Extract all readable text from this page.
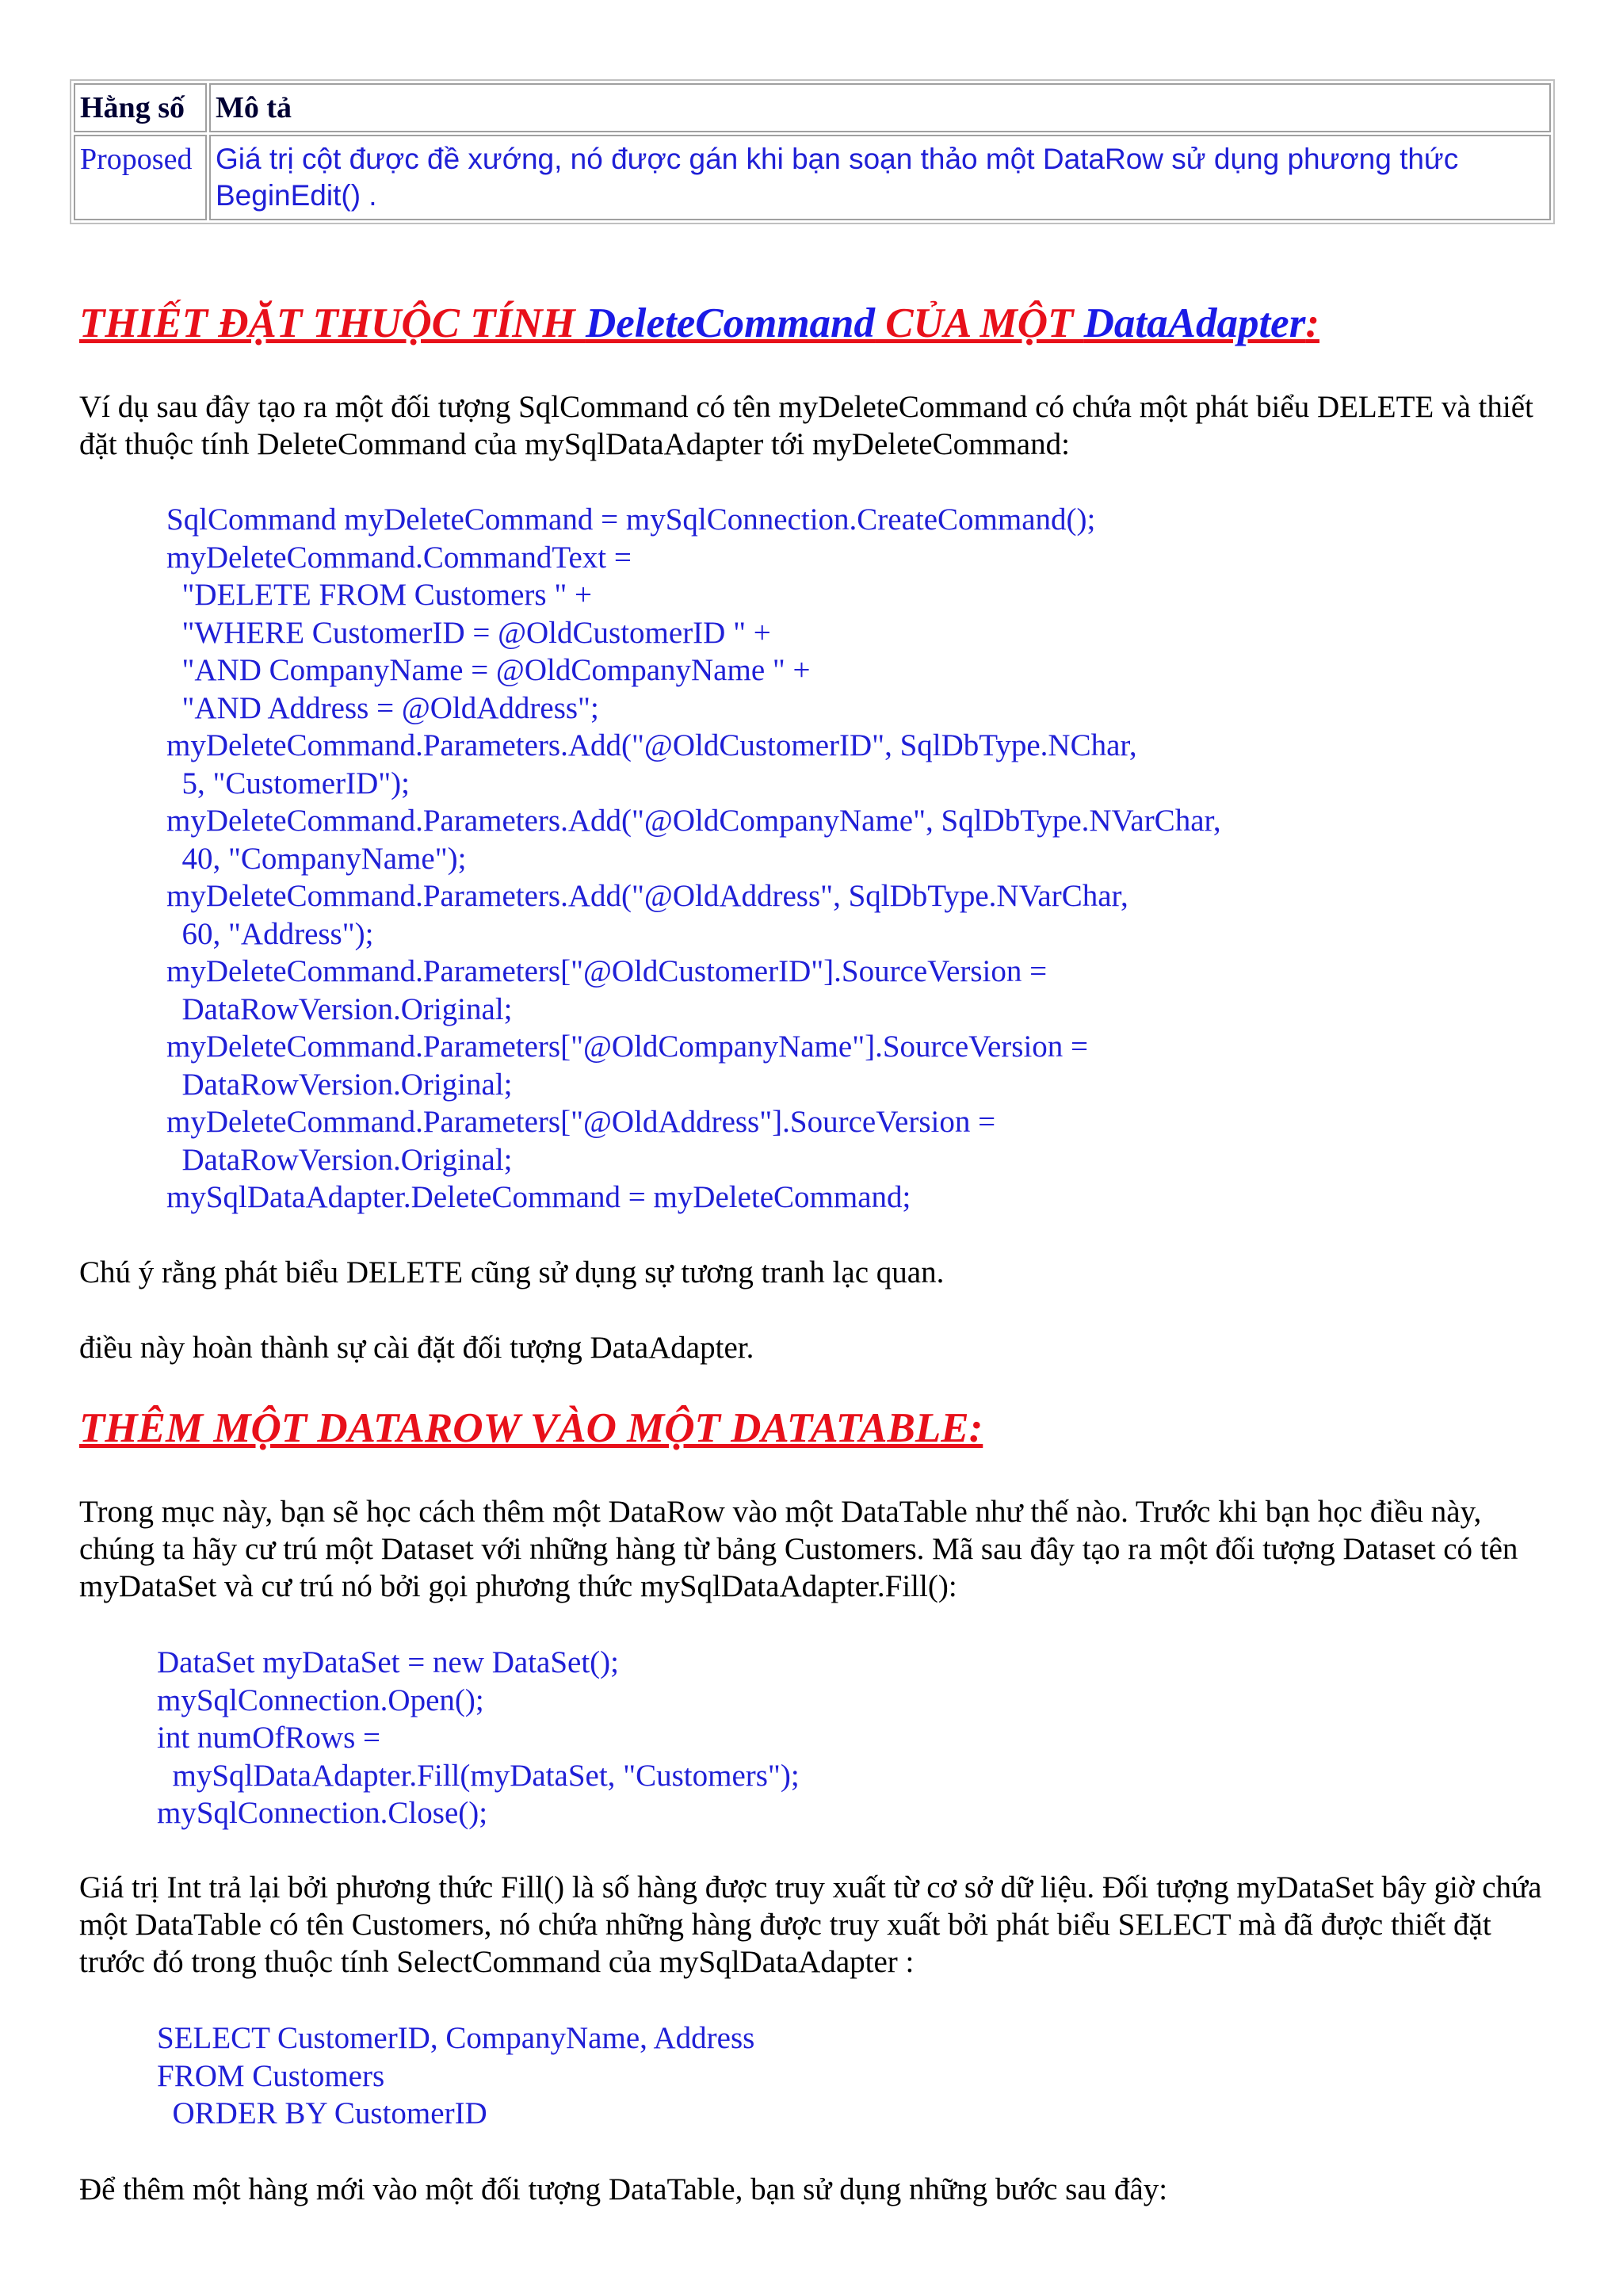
Hằng số	Mô tả
Proposed	Giá trị cột được đề xướng, nó được gán khi bạn soạn thảo một DataRow sử dụng phương thức BeginEdit() .
THIẾT ĐẶT THUỘC TÍNH DeleteCommand CỦA MỘT DataAdapter:

Ví dụ sau đây tạo ra một đối tượng SqlCommand có tên myDeleteCommand có chứa một phát biểu DELETE và thiết đặt thuộc tính DeleteCommand của mySqlDataAdapter tới myDeleteCommand:

SqlCommand myDeleteCommand = mySqlConnection.CreateCommand();
myDeleteCommand.CommandText =
"DELETE FROM Customers " +
"WHERE CustomerID = @OldCustomerID " +
"AND CompanyName = @OldCompanyName " +
"AND Address = @OldAddress";
myDeleteCommand.Parameters.Add("@OldCustomerID", SqlDbType.NChar,
5, "CustomerID");
myDeleteCommand.Parameters.Add("@OldCompanyName", SqlDbType.NVarChar,
40, "CompanyName");
myDeleteCommand.Parameters.Add("@OldAddress", SqlDbType.NVarChar,
60, "Address");
myDeleteCommand.Parameters["@OldCustomerID"].SourceVersion =
DataRowVersion.Original;
myDeleteCommand.Parameters["@OldCompanyName"].SourceVersion =
DataRowVersion.Original;
myDeleteCommand.Parameters["@OldAddress"].SourceVersion =
DataRowVersion.Original;
mySqlDataAdapter.DeleteCommand = myDeleteCommand;

Chú ý rằng phát biểu DELETE cũng sử dụng sự tương tranh lạc quan.

điều này hoàn thành sự cài đặt đối tượng DataAdapter.

THÊM MỘT DATAROW VÀO MỘT DATATABLE:

Trong mục này, bạn sẽ học cách thêm một DataRow vào một DataTable như thế nào. Trước khi bạn học điều này, chúng ta hãy cư trú một Dataset với những hàng từ bảng Customers. Mã sau đây tạo ra một đối tượng Dataset có tên myDataSet và cư trú nó bởi gọi phương thức mySqlDataAdapter.Fill():

DataSet myDataSet = new DataSet();
mySqlConnection.Open();
int numOfRows =
mySqlDataAdapter.Fill(myDataSet, "Customers");
mySqlConnection.Close();

Giá trị Int trả lại bởi phương thức Fill() là số hàng được truy xuất từ cơ sở dữ liệu. Đối tượng myDataSet bây giờ chứa một DataTable có tên Customers, nó chứa những hàng được truy xuất bởi phát biểu SELECT mà đã được thiết đặt trước đó trong thuộc tính SelectCommand của mySqlDataAdapter :

SELECT CustomerID, CompanyName, Address
FROM Customers
ORDER BY CustomerID

Để thêm một hàng mới vào một đối tượng DataTable, bạn sử dụng những bước sau đây:
